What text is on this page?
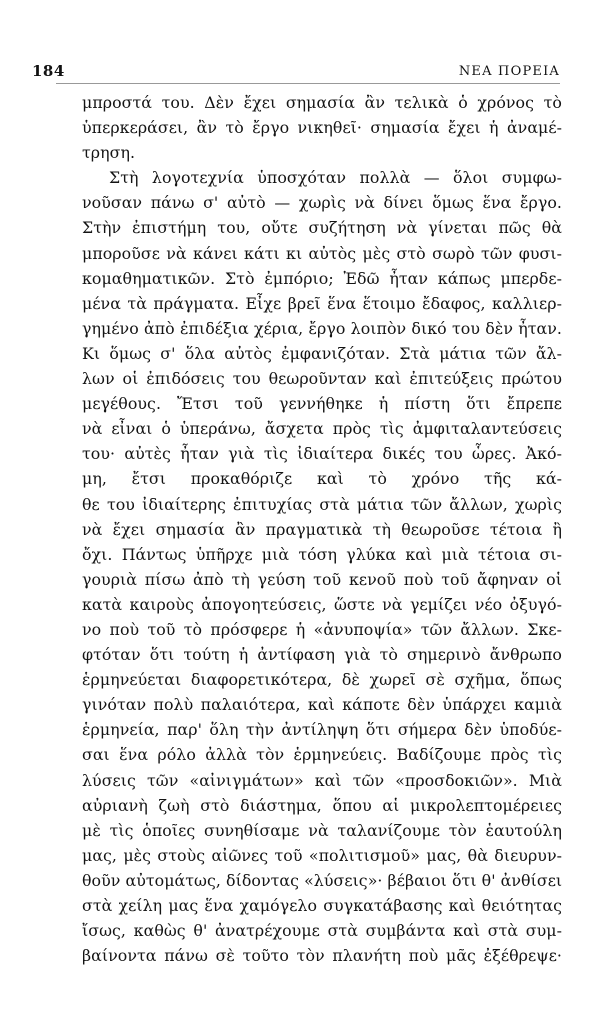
184	ΝΕΑ ΠΟΡΕΙΑ
μπροστά του. Δὲν ἔχει σημασία ἂν τελικὰ ὁ χρόνος τὸ
ὑπερκεράσει, ἂν τὸ ἔργο νικηθεῖ· σημασία ἔχει ἡ ἀναμέ-
τρηση.
Στὴ λογοτεχνία ὑποσχόταν πολλὰ — ὅλοι συμφω-
νοῦσαν πάνω σ' αὐτὸ — χωρὶς νὰ δίνει ὅμως ἕνα ἔργο.
Στὴν ἐπιστήμη του, οὔτε συζήτηση νὰ γίνεται πῶς θὰ
μποροῦσε νὰ κάνει κάτι κι αὐτὸς μὲς στὸ σωρὸ τῶν φυσι-
κομαθηματικῶν. Στὸ ἐμπόριο; Ἐδῶ ἦταν κάπως μπερδε-
μένα τὰ πράγματα. Εἶχε βρεῖ ἕνα ἕτοιμο ἔδαφος, καλλιερ-
γημένο ἀπὸ ἐπιδέξια χέρια, ἔργο λοιπὸν δικό του δὲν ἦταν.
Κι ὅμως σ' ὅλα αὐτὸς ἐμφανιζόταν. Στὰ μάτια τῶν ἄλ-
λων οἱ ἐπιδόσεις του θεωροῦνταν καὶ ἐπιτεύξεις πρώτου
μεγέθους. Ἔτσι τοῦ γεννήθηκε ἡ πίστη ὅτι ἔπρεπε
νὰ εἶναι ὁ ὑπεράνω, ἄσχετα πρὸς τὶς ἀμφιταλαντεύσεις
του· αὐτὲς ἦταν γιὰ τὶς ἰδιαίτερα δικές του ὧρες. Ἀκό-
μη, ἔτσι προκαθόριζε καὶ τὸ χρόνο τῆς κά-
θε του ἰδιαίτερης ἐπιτυχίας στὰ μάτια τῶν ἄλλων, χωρὶς
νὰ ἔχει σημασία ἂν πραγματικὰ τὴ θεωροῦσε τέτοια ἢ
ὄχι. Πάντως ὑπῆρχε μιὰ τόση γλύκα καὶ μιὰ τέτοια σι-
γουριὰ πίσω ἀπὸ τὴ γεύση τοῦ κενοῦ ποὺ τοῦ ἄφηναν οἱ
κατὰ καιροὺς ἀπογοητεύσεις, ὥστε νὰ γεμίζει νέο ὀξυγό-
νο ποὺ τοῦ τὸ πρόσφερε ἡ «ἀνυποψία» τῶν ἄλλων. Σκε-
φτόταν ὅτι τούτη ἡ ἀντίφαση γιὰ τὸ σημερινὸ ἄνθρωπο
ἑρμηνεύεται διαφορετικότερα, δὲ χωρεῖ σὲ σχῆμα, ὅπως
γινόταν πολὺ παλαιότερα, καὶ κάποτε δὲν ὑπάρχει καμιὰ
ἑρμηνεία, παρ' ὅλη τὴν ἀντίληψη ὅτι σήμερα δὲν ὑποδύε-
σαι ἕνα ρόλο ἀλλὰ τὸν ἑρμηνεύεις. Βαδίζουμε πρὸς τὶς
λύσεις τῶν «αἰνιγμάτων» καὶ τῶν «προσδοκιῶν». Μιὰ
αὐριανὴ ζωὴ στὸ διάστημα, ὅπου αἱ μικρολεπτομέρειες
μὲ τὶς ὁποῖες συνηθίσαμε νὰ ταλανίζουμε τὸν ἑαυτούλη
μας, μὲς στοὺς αἰῶνες τοῦ «πολιτισμοῦ» μας, θὰ διευρυν-
θοῦν αὐτομάτως, δίδοντας «λύσεις»· βέβαιοι ὅτι θ' ἀνθίσει
στὰ χείλη μας ἕνα χαμόγελο συγκατάβασης καὶ θειότητας
ἴσως, καθὼς θ' ἀνατρέχουμε στὰ συμβάντα καὶ στὰ συμ-
βαίνοντα πάνω σὲ τοῦτο τὸν πλανήτη ποὺ μᾶς ἐξέθρεψε·
